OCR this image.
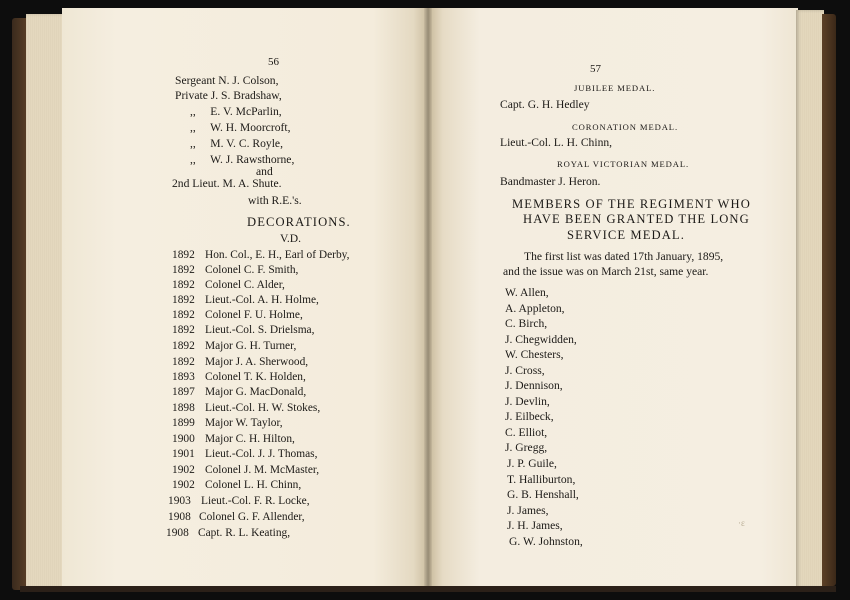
56
Sergeant N. J. Colson,
Private J. S. Bradshaw,
,,     E. V. McParlin,
,,     W. H. Moorcroft,
,,     M. V. C. Royle,
,,     W. J. Rawsthorne,
and
2nd Lieut. M. A. Shute.
with R.E.'s.
DECORATIONS.
V.D.
1892 Hon. Col., E. H., Earl of Derby,
1892 Colonel C. F. Smith,
1892 Colonel C. Alder,
1892 Lieut.-Col. A. H. Holme,
1892 Colonel F. U. Holme,
1892 Lieut.-Col. S. Drielsma,
1892 Major G. H. Turner,
1892 Major J. A. Sherwood,
1893 Colonel T. K. Holden,
1897 Major G. MacDonald,
1898 Lieut.-Col. H. W. Stokes,
1899 Major W. Taylor,
1900 Major C. H. Hilton,
1901 Lieut.-Col. J. J. Thomas,
1902 Colonel J. M. McMaster,
1902 Colonel L. H. Chinn,
1903 Lieut.-Col. F. R. Locke,
1908 Colonel G. F. Allender,
1908 Capt. R. L. Keating,
57
JUBILEE MEDAL.
Capt. G. H. Hedley
CORONATION MEDAL.
Lieut.-Col. L. H. Chinn,
ROYAL VICTORIAN MEDAL.
Bandmaster J. Heron.
MEMBERS OF THE REGIMENT WHO
HAVE BEEN GRANTED THE LONG
SERVICE MEDAL.
The first list was dated 17th January, 1895,
and the issue was on March 21st, same year.
W. Allen,
A. Appleton,
C. Birch,
J. Chegwidden,
W. Chesters,
J. Cross,
J. Dennison,
J. Devlin,
J. Eilbeck,
C. Elliot,
J. Gregg,
J. P. Guile,
T. Halliburton,
G. B. Henshall,
J. James,
J. H. James,
G. W. Johnston,
·ε
